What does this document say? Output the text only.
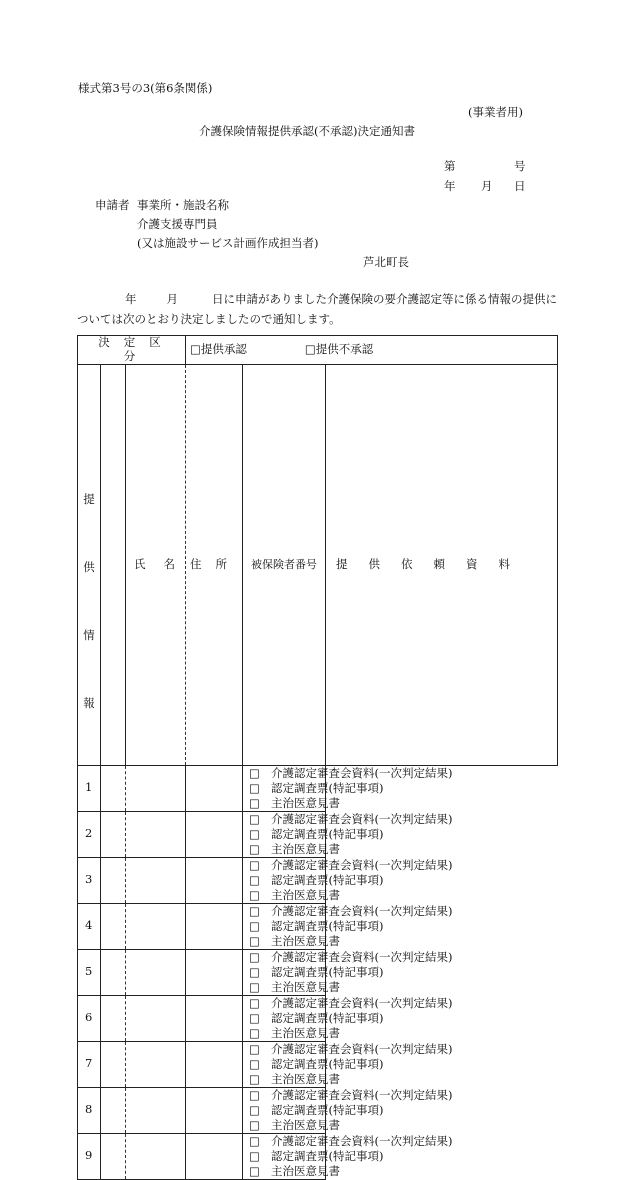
様式第3号の3(第6条関係)
(事業者用)
介護保険情報提供承認(不承認)決定通知書
第	号
年 月 日
申請者 事業所・施設名称
介護支援専門員
(又は施設サービス計画作成担当者)
芦北町長
年	月	日に申請がありました介護保険の要介護認定等に係る情報の提供に
ついては次のとおり決定しましたので通知します。
決定区分			□提供承認 □提供不承認		

提
供
情
報		氏 名	住 所	被保険者番号	提供依頼資料
1				□ 介護認定審査会資料(一次判定結果)
□ 認定調査票(特記事項)
□ 主治医意見書	

2				□ 介護認定審査会資料(一次判定結果)
□ 認定調査票(特記事項)
□ 主治医意見書	

3				□ 介護認定審査会資料(一次判定結果)
□ 認定調査票(特記事項)
□ 主治医意見書	

4				□ 介護認定審査会資料(一次判定結果)
□ 認定調査票(特記事項)
□ 主治医意見書	

5				□ 介護認定審査会資料(一次判定結果)
□ 認定調査票(特記事項)
□ 主治医意見書	

6				□ 介護認定審査会資料(一次判定結果)
□ 認定調査票(特記事項)
□ 主治医意見書	

7				□ 介護認定審査会資料(一次判定結果)
□ 認定調査票(特記事項)
□ 主治医意見書	

8				□ 介護認定審査会資料(一次判定結果)
□ 認定調査票(特記事項)
□ 主治医意見書	

9				□ 介護認定審査会資料(一次判定結果)
□ 認定調査票(特記事項)
□ 主治医意見書	
